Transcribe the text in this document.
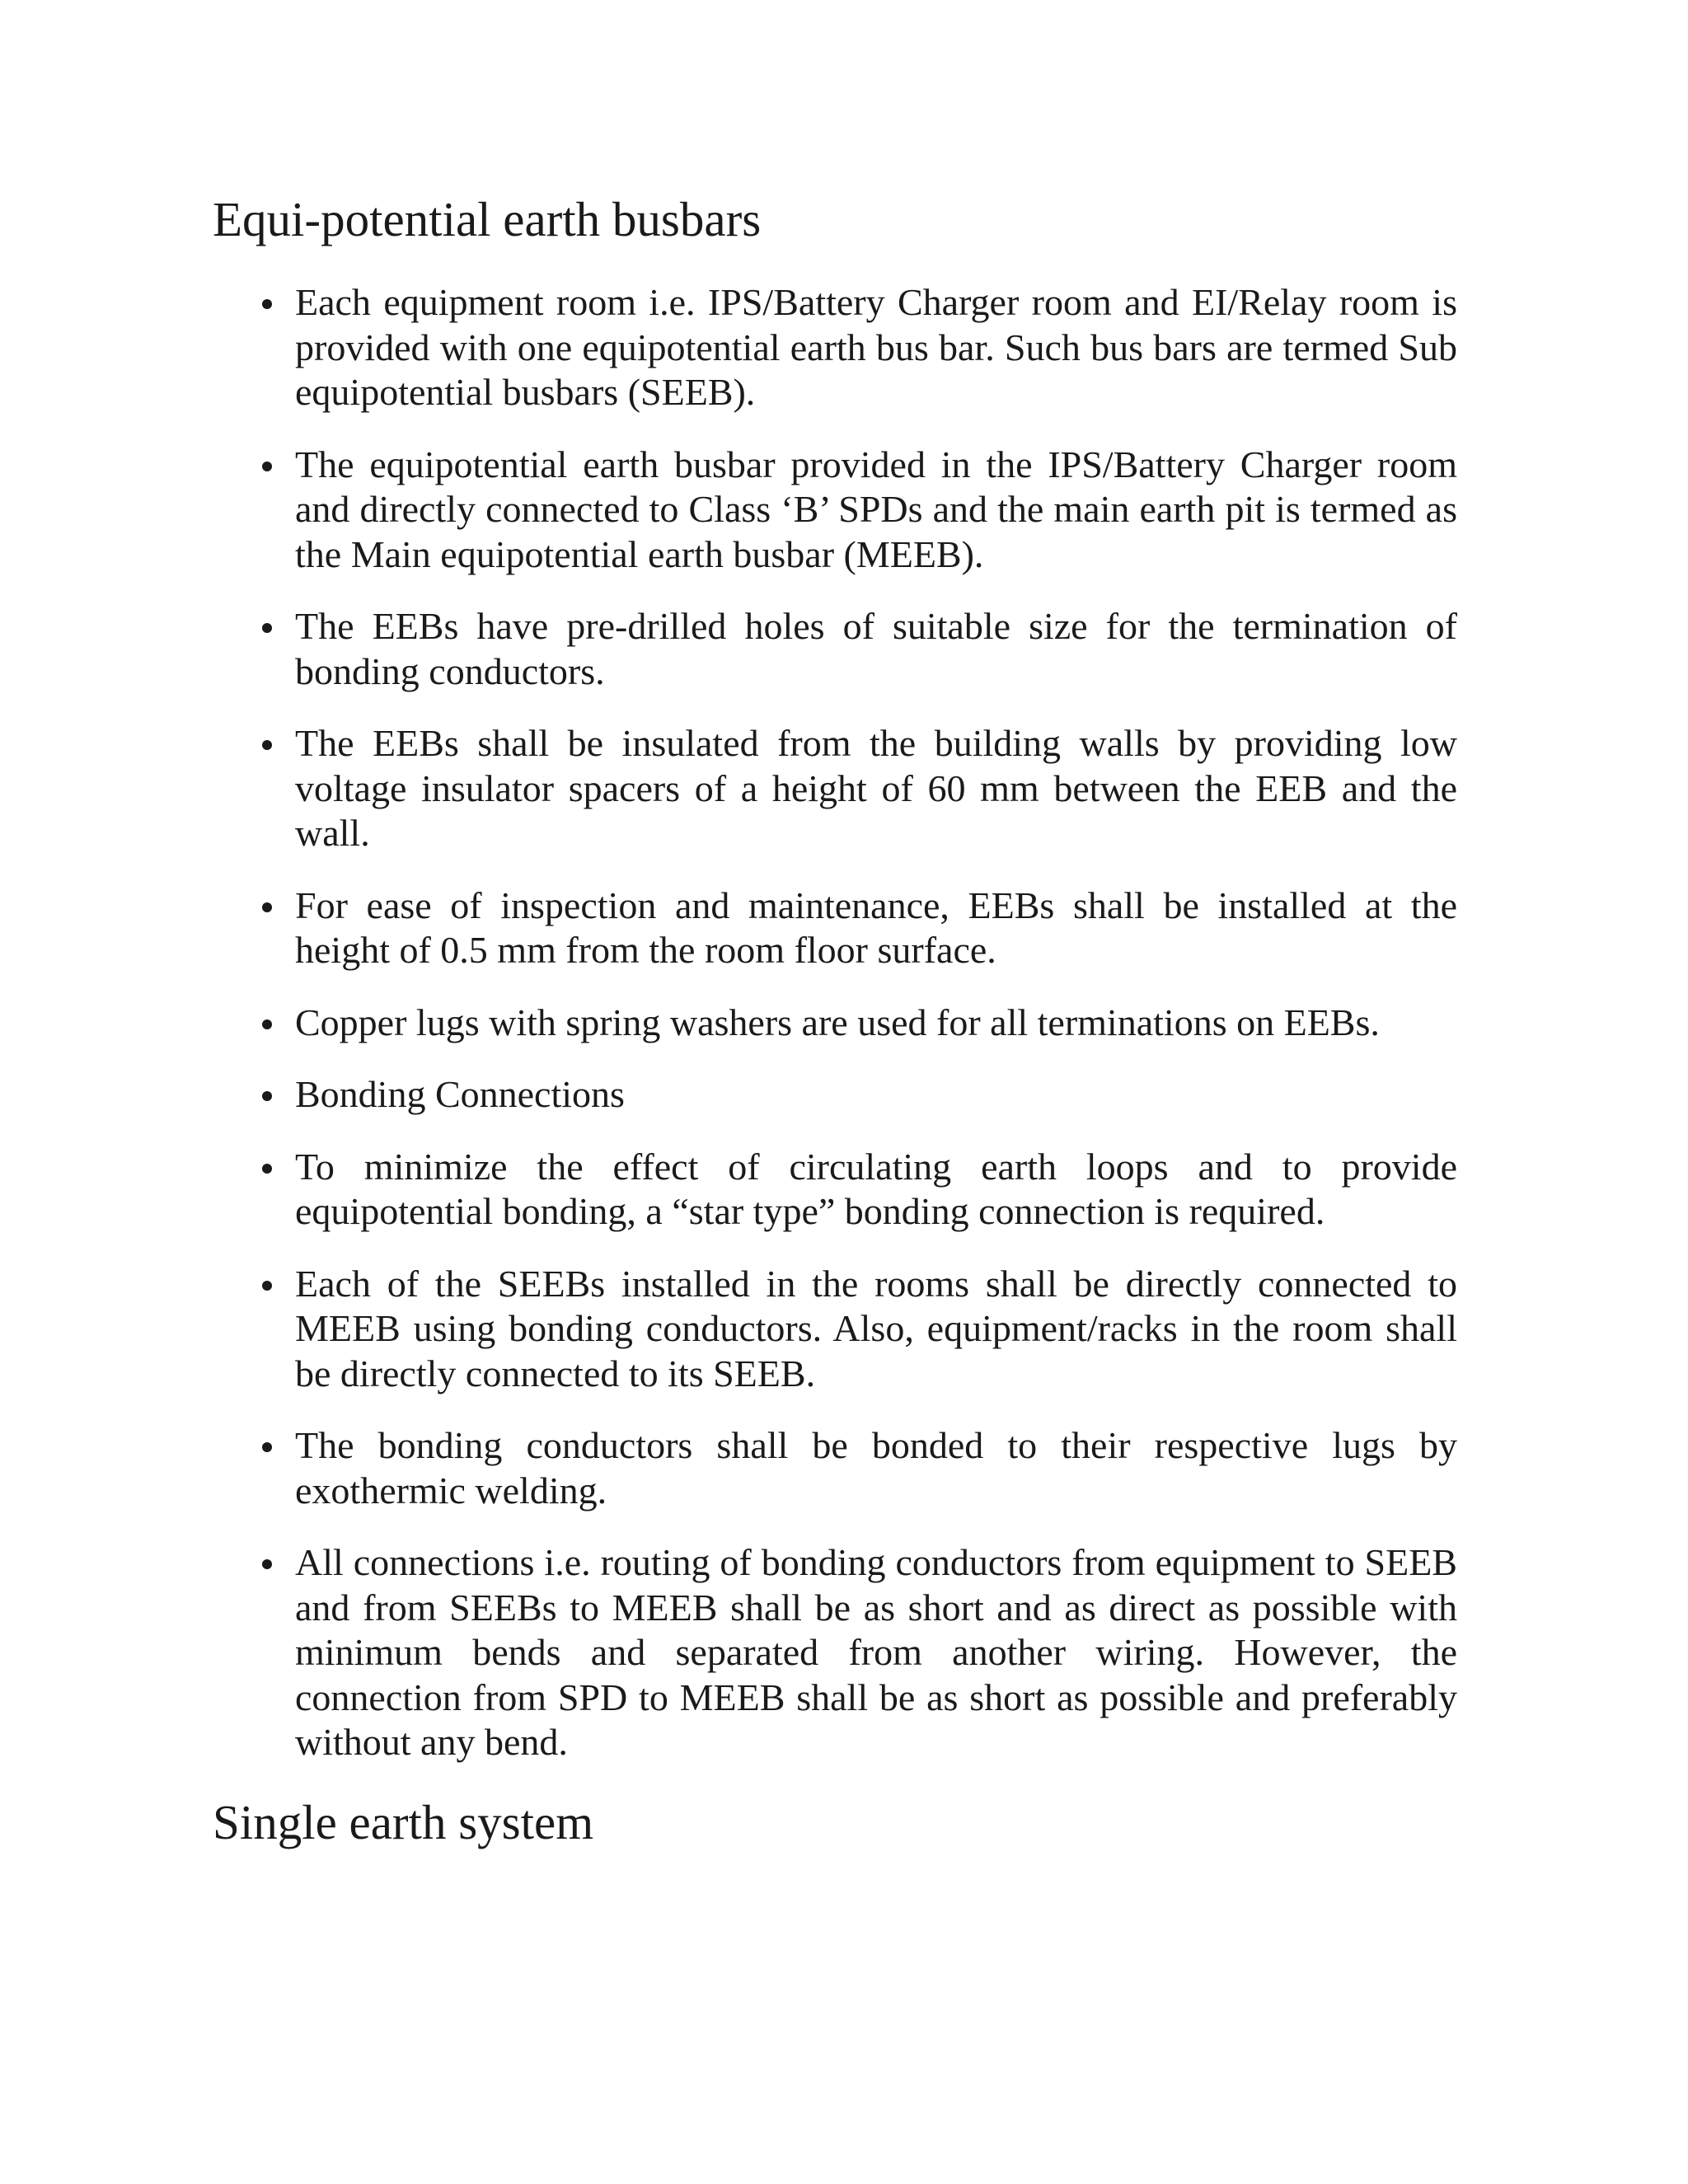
Equi-potential earth busbars
Each equipment room i.e. IPS/Battery Charger room and EI/Relay room is provided with one equipotential earth bus bar. Such bus bars are termed Sub equipotential busbars (SEEB).
The equipotential earth busbar provided in the IPS/Battery Charger room and directly connected to Class ‘B’ SPDs and the main earth pit is termed as the Main equipotential earth busbar (MEEB).
The EEBs have pre-drilled holes of suitable size for the termination of bonding conductors.
The EEBs shall be insulated from the building walls by providing low voltage insulator spacers of a height of 60 mm between the EEB and the wall.
For ease of inspection and maintenance, EEBs shall be installed at the height of 0.5 mm from the room floor surface.
Copper lugs with spring washers are used for all terminations on EEBs.
Bonding Connections
To minimize the effect of circulating earth loops and to provide equipotential bonding, a “star type” bonding connection is required.
Each of the SEEBs installed in the rooms shall be directly connected to MEEB using bonding conductors. Also, equipment/racks in the room shall be directly connected to its SEEB.
The bonding conductors shall be bonded to their respective lugs by exothermic welding.
All connections i.e. routing of bonding conductors from equipment to SEEB and from SEEBs to MEEB shall be as short and as direct as possible with minimum bends and separated from another wiring. However, the connection from SPD to MEEB shall be as short as possible and preferably without any bend.
Single earth system
